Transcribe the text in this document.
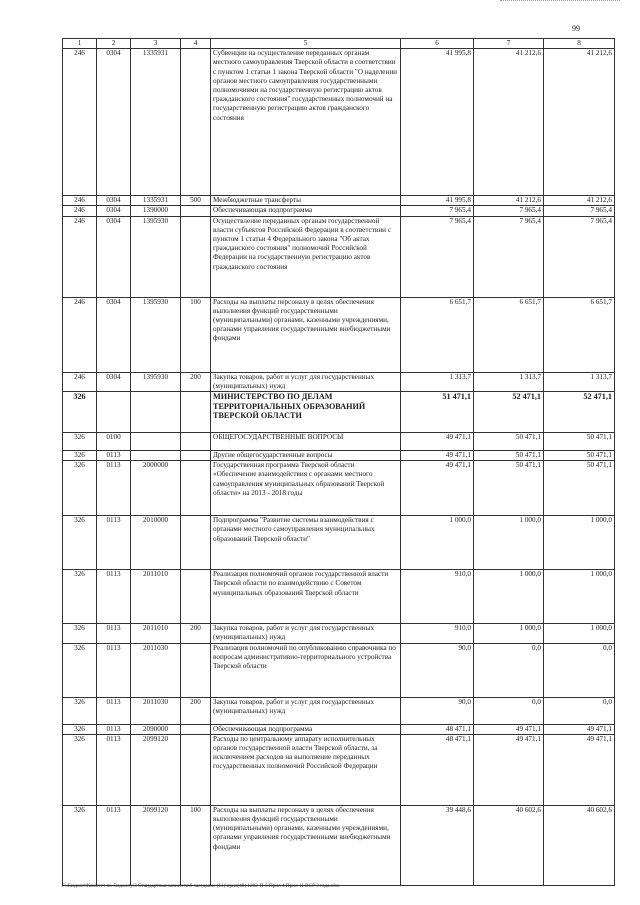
99
1	2	3	4	5	6	7	8
246	0304	1335931		Субвенции на осуществление переданных органам местного самоуправления Тверской области в соответствии с пунктом 1 статьи 1 закона Тверской области "О наделении органов местного самоуправления государственными полномочиями на государственную регистрацию актов гражданского состояния" государственных полномочий на государственную регистрацию актов гражданского состояния	41 995,8	41 212,6	41 212,6
246	0304	1335931	500	Межбюджетные трансферты	41 995,8	41 212,6	41 212,6
246	0304	1390000		Обеспечивающая подпрограмма	7 965,4	7 965,4	7 965,4
246	0304	1395930		Осуществление переданных органам государственной власти субъектов Российской Федерации в соответствии с пунктом 1 статьи 4 Федерального закона "Об актах гражданского состояния" полномочий Российской Федерации на государственную регистрацию актов гражданского состояния	7 965,4	7 965,4	7 965,4
246	0304	1395930	100	Расходы на выплаты персоналу в целях обеспечения выполнения функций государственными (муниципальными) органами, казенными учреждениями, органами управления государственными внебюджетными фондами	6 651,7	6 651,7	6 651,7
246	0304	1395930	200	Закупка товаров, работ и услуг для государственных (муниципальных) нужд	1 313,7	1 313,7	1 313,7
326				МИНИСТЕРСТВО ПО ДЕЛАМ ТЕРРИТОРИАЛЬНЫХ ОБРАЗОВАНИЙ ТВЕРСКОЙ ОБЛАСТИ	51 471,1	52 471,1	52 471,1
326	0100			ОБЩЕГОСУДАРСТВЕННЫЕ ВОПРОСЫ	49 471,1	50 471,1	50 471,1
326	0113			Другие общегосударственные вопросы	49 471,1	50 471,1	50 471,1
326	0113	2000000		Государственная программа Тверской области «Обеспечение взаимодействия с органами местного самоуправления муниципальных образований Тверской области» на 2013 - 2018 годы	49 471,1	50 471,1	50 471,1
326	0113	2010000		Подпрограмма "Развитие системы взаимодействия с органами местного самоуправления муниципальных образований Тверской области"	1 000,0	1 000,0	1 000,0
326	0113	2011010		Реализация полномочий органов государственной власти Тверской области по взаимодействию с Советом муниципальных образований Тверской области	910,0	1 000,0	1 000,0
326	0113	2011010	200	Закупка товаров, работ и услуг для государственных (муниципальных) нужд	910,0	1 000,0	1 000,0
326	0113	2011030		Реализация полномочий по опубликованию справочника по вопросам административно-территориального устройства Тверской области	90,0	0,0	0,0
326	0113	2011030	200	Закупка товаров, работ и услуг для государственных (муниципальных) нужд	90,0	0,0	0,0
326	0113	2090000		Обеспечивающая подпрограмма	48 471,1	49 471,1	49 471,1
326	0113	2099120		Расходы по центральному аппарату исполнительных органов государственной власти Тверской области, за исключением расходов на выполнение переданных государственных полномочий Российской Федерации	48 471,1	49 471,1	49 471,1
326	0113	2099120	100	Расходы на выплаты персоналу в целях обеспечения выполнения функций государственными (муниципальными) органами, казенными учреждениями, органами управления государственными внебюджетными фондами	39 448,6	40 602,6	40 602,6
Г:\Бюджет\Комитет по бюджету\3 Стандартные комитета\9 заседание (11)\прил(49) 1282-П-5\Прил 4 Прил 11 ВСР 3 года.xlsx
